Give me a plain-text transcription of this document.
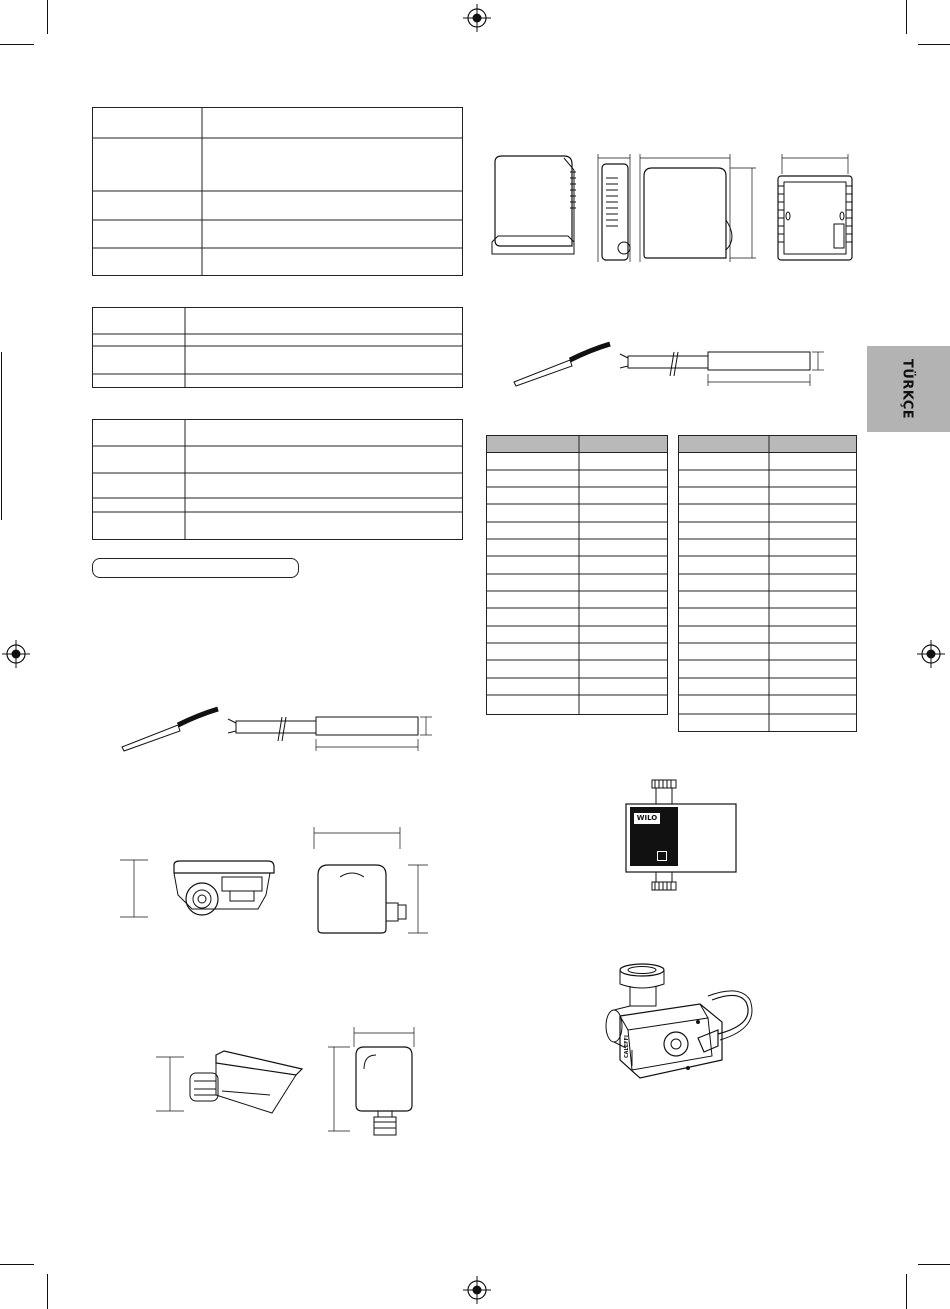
TÜRKÇE
WILO
CALEFFI
